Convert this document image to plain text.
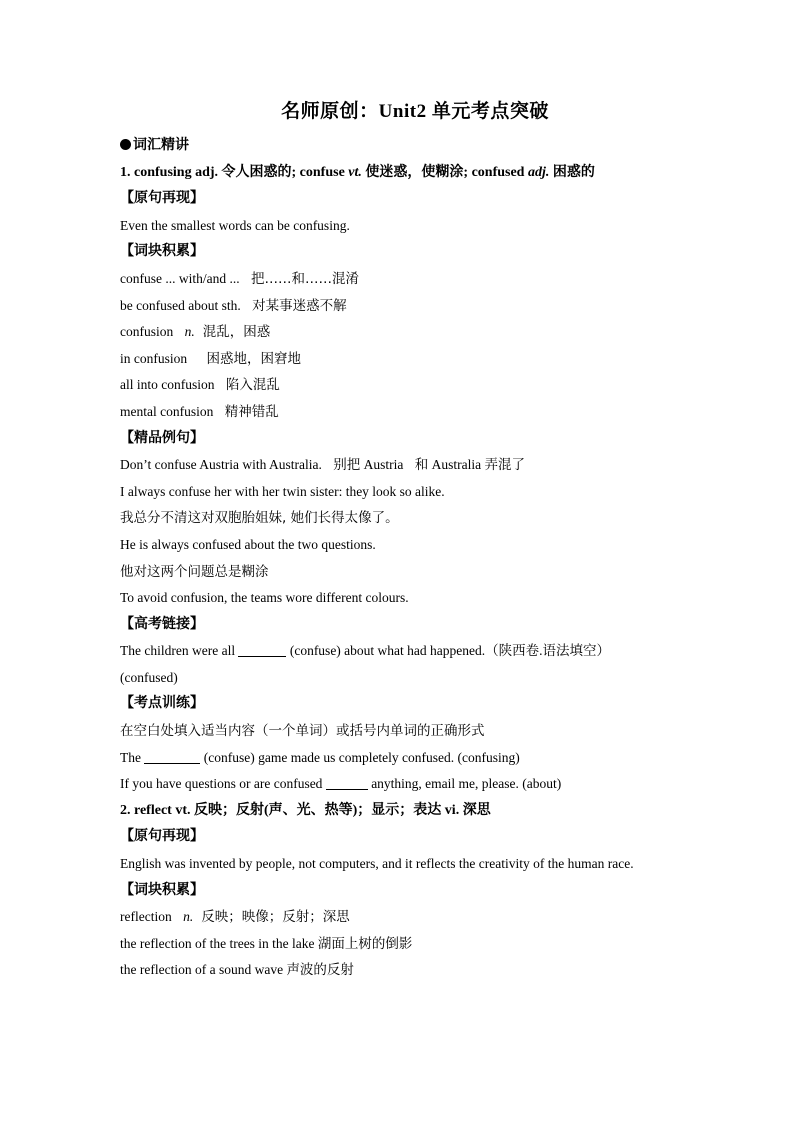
名师原创：Unit2 单元考点突破
词汇精讲
1. confusing adj. 令人困惑的; confuse vt. 使迷惑，使糊涂; confused adj. 困惑的
【原句再现】
Even the smallest words can be confusing.
【词块积累】
confuse ... with/and ... 把……和……混淆
be confused about sth. 对某事迷惑不解
confusion n. 混乱，困惑
in confusion 困惑地，困窘地
all into confusion 陷入混乱
mental confusion 精神错乱
【精品例句】
Don’t confuse Austria with Australia. 别把 Austria 和 Australia 弄混了
I always confuse her with her twin sister: they look so alike.
我总分不清这对双胞胎姐妹, 她们长得太像了。
He is always confused about the two questions.
他对这两个问题总是糊涂
To avoid confusion, the teams wore different colours.
【高考链接】
The children were all	(confuse) about what had happened.（陕西卷.语法填空）
(confused)
【考点训练】
在空白处填入适当内容（一个单词）或括号内单词的正确形式
The	(confuse) game made us completely confused. (confusing)
If you have questions or are confused	anything, email me, please. (about)
2. reflect vt. 反映；反射(声、光、热等)；显示；表达 vi. 深思
【原句再现】
English was invented by people, not computers, and it reflects the creativity of the human race.
【词块积累】
reflection n. 反映；映像；反射；深思
the reflection of the trees in the lake 湖面上树的倒影
the reflection of a sound wave 声波的反射
